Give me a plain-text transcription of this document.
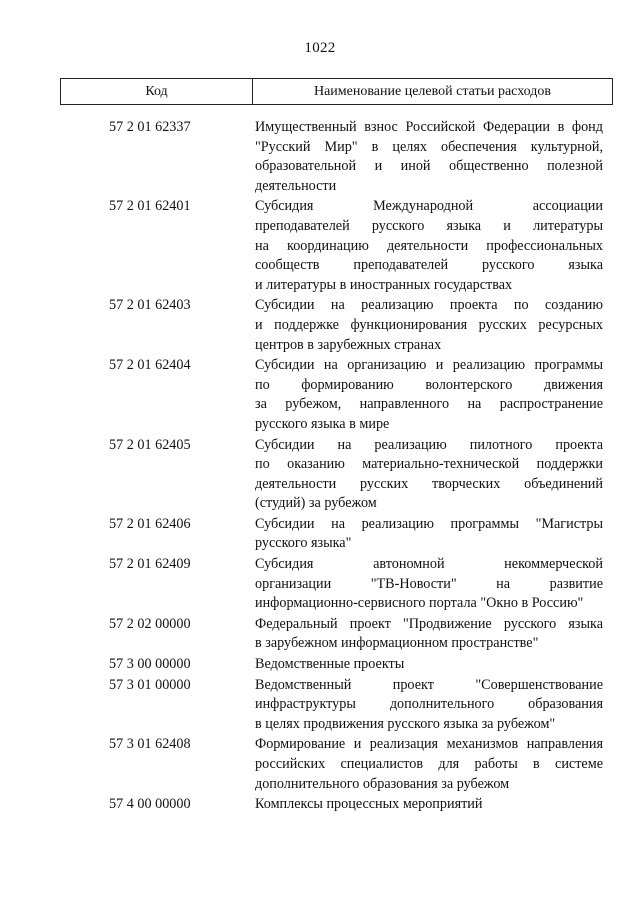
1022
Код	Наименование целевой статьи расходов
57 2 01 62337	Имущественный взнос Российской Федерации в фонд
"Русский Мир" в целях обеспечения культурной,
образовательной и иной общественно полезной
деятельности
57 2 01 62401	Субсидия Международной ассоциации
преподавателей русского языка и литературы
на координацию деятельности профессиональных
сообществ преподавателей русского языка
и литературы в иностранных государствах
57 2 01 62403	Субсидии на реализацию проекта по созданию
и поддержке функционирования русских ресурсных
центров в зарубежных странах
57 2 01 62404	Субсидии на организацию и реализацию программы
по формированию волонтерского движения
за рубежом, направленного на распространение
русского языка в мире
57 2 01 62405	Субсидии на реализацию пилотного проекта
по оказанию материально-технической поддержки
деятельности русских творческих объединений
(студий) за рубежом
57 2 01 62406	Субсидии на реализацию программы "Магистры
русского языка"
57 2 01 62409	Субсидия автономной некоммерческой
организации "ТВ-Новости" на развитие
информационно-сервисного портала "Окно в Россию"
57 2 02 00000	Федеральный проект "Продвижение русского языка
в зарубежном информационном пространстве"
57 3 00 00000	Ведомственные проекты
57 3 01 00000	Ведомственный проект "Совершенствование
инфраструктуры дополнительного образования
в целях продвижения русского языка за рубежом"
57 3 01 62408	Формирование и реализация механизмов направления
российских специалистов для работы в системе
дополнительного образования за рубежом
57 4 00 00000	Комплексы процессных мероприятий
